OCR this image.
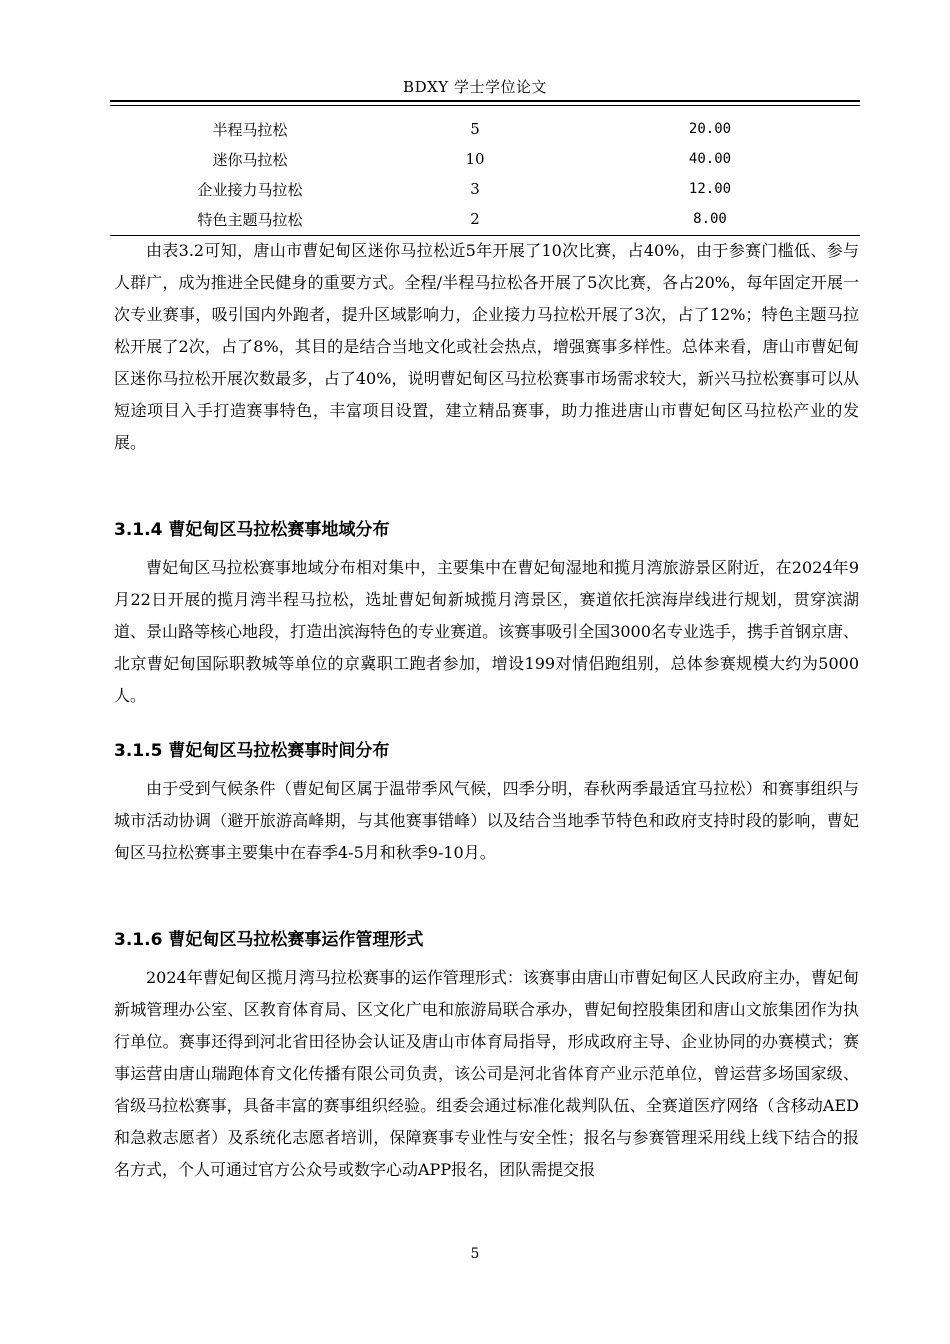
BDXY 学士学位论文
半程马拉松	5	20.00
迷你马拉松	10	40.00
企业接力马拉松	3	12.00
特色主题马拉松	2	8.00

由表3.2可知，唐山市曹妃甸区迷你马拉松近5年开展了10次比赛，占40%，由于参赛门槛低、参与人群广，成为推进全民健身的重要方式。全程/半程马拉松各开展了5次比赛，各占20%，每年固定开展一次专业赛事，吸引国内外跑者，提升区域影响力，企业接力马拉松开展了3次，占了12%；特色主题马拉松开展了2次，占了8%，其目的是结合当地文化或社会热点，增强赛事多样性。总体来看，唐山市曹妃甸区迷你马拉松开展次数最多，占了40%，说明曹妃甸区马拉松赛事市场需求较大，新兴马拉松赛事可以从短途项目入手打造赛事特色，丰富项目设置，建立精品赛事，助力推进唐山市曹妃甸区马拉松产业的发展。

3.1.4 曹妃甸区马拉松赛事地域分布

曹妃甸区马拉松赛事地域分布相对集中，主要集中在曹妃甸湿地和揽月湾旅游景区附近，在2024年9月22日开展的揽月湾半程马拉松，选址曹妃甸新城揽月湾景区，赛道依托滨海岸线进行规划，贯穿滨湖道、景山路等核心地段，打造出滨海特色的专业赛道。该赛事吸引全国3000名专业选手，携手首钢京唐、北京曹妃甸国际职教城等单位的京冀职工跑者参加，增设199对情侣跑组别，总体参赛规模大约为5000人。

3.1.5 曹妃甸区马拉松赛事时间分布

由于受到气候条件（曹妃甸区属于温带季风气候，四季分明，春秋两季最适宜马拉松）和赛事组织与城市活动协调（避开旅游高峰期，与其他赛事错峰）以及结合当地季节特色和政府支持时段的影响，曹妃甸区马拉松赛事主要集中在春季4-5月和秋季9-10月。

3.1.6 曹妃甸区马拉松赛事运作管理形式

2024年曹妃甸区揽月湾马拉松赛事的运作管理形式：该赛事由唐山市曹妃甸区人民政府主办，曹妃甸新城管理办公室、区教育体育局、区文化广电和旅游局联合承办，曹妃甸控股集团和唐山文旅集团作为执行单位。赛事还得到河北省田径协会认证及唐山市体育局指导，形成政府主导、企业协同的办赛模式；赛事运营由唐山瑞跑体育文化传播有限公司负责，该公司是河北省体育产业示范单位，曾运营多场国家级、省级马拉松赛事，具备丰富的赛事组织经验。组委会通过标准化裁判队伍、全赛道医疗网络（含移动AED和急救志愿者）及系统化志愿者培训，保障赛事专业性与安全性；报名与参赛管理采用线上线下结合的报名方式，个人可通过官方公众号或数字心动APP报名，团队需提交报

5
